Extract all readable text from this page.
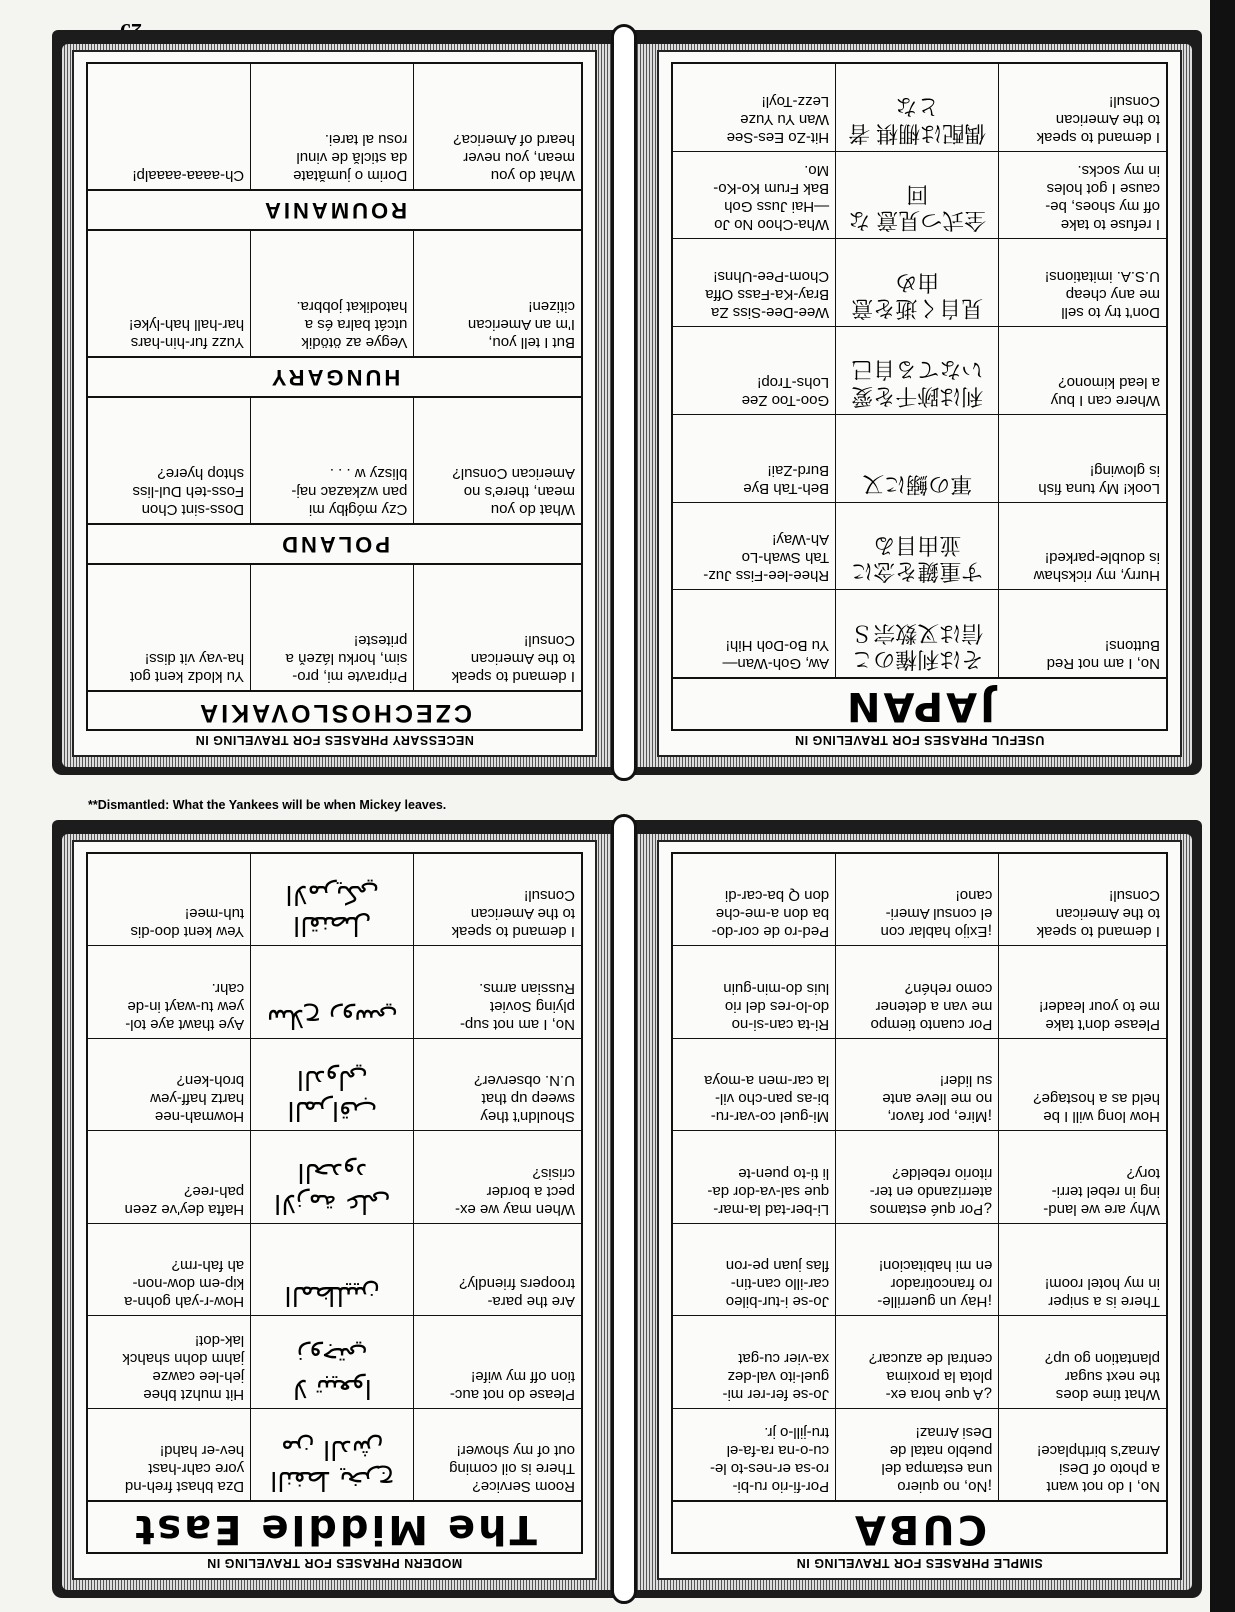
USEFUL PHRASES FOR TRAVELING IN
JAPAN
No, I am not Red
Buttons!
そは利権のこ信は叉数宗Ｓ
Aw, Goh-Wan—
Yu Bo-Doh Hih!
Hurry, my rickshaw
is double-parked!
す重鍵を念に並由目ゐ
Rhee-lee-Fiss Juz-
Tah Swah-Lo
Ah-Way!
Look! My tuna fish
is glowing!
軍の鰯に又
Beh-Tah Bye
Burd-Zai!
Where can I buy
a lead kimono?
利は跡千を愛 いなてる自己
Goo-Too Zee
Lohs-Trop!
Don't try to sell
me any cheap
U.S.A. imitations!
見自く逝を意 由め
Wee-Dee-Siss Za
Bray-Ka-Fass Offa
Chom-Pee-Uhns!
I refuse to take
off my shoes, be-
cause I got holes
in my socks.
全式つ見意 な回
Wha-Choo No Jo
—Hai Juss Goh
Bak Frum Ko-Ko-
Mo.
I demand to speak
to the American
Consul!
偶配は棚棋 者とな
Hit-Zo Ees-See
Wan Yu Yuze
Lezz-Toyl!
NECESSARY PHRASES FOR TRAVELING IN
CZECHOSLOVAKIA
I demand to speak
to the American
Consul!
Pripravte mi, pro-
sim, horku lázeň a
priteste!
Yu klodz kent got
ha-vay vit diss!
POLAND
What do you
mean, there's no
American Consul?
Czy mógłby mi
pan wzkazac naj-
bliszy w . . .
Doss-sint Chon
Foss-teh Dul-liss
shtop hyere?
HUNGARY
But I tell you,
I'm an American
citizen!
Vegye az ötödik
utcát balra és a
hatodikat jobbra.
Yuzz fur-hin-hars
har-hall hah-lyke!
ROUMANIA
What do you
mean, you never
heard of America?
Dorim o jumătate
da sticlă de vinul
rosu al tarei.
Ch-aaaa-aaaalp!
**Dismantled: What the Yankees will be when Mickey leaves.
SIMPLE PHRASES FOR TRAVELING IN
CUBA
No, I do not want
a photo of Desi
Arnaz's birthplace!
¡No, no quiero
una estampa del
pueblo natal de
Desi Arnaz!
Por-fi-rio ru-bi-
ro-sa er-nes-to le-
cu-o-na ra-fa-el
tru-jill-o jr.
What time does
the next sugar
plantation go up?
¿A que hora ex-
plota la proxima
central de azucar?
Jo-se fer-rer mi-
guel-ito val-dez
xa-vier cu-gat
There is a sniper
in my hotel room!
¡Hay un guerrille-
ro francotirador
en mi habitacion!
Jo-se i-tur-bileo
car-illo can-tin-
flas juan pe-ron
Why are we land-
ing in rebel terri-
tory?
¿Por qué estamos
aterrizando en ter-
ritorio rebelde?
Li-ber-tad la-mar-
que sal-va-dor da-
li ti-to puen-te
How long will I be
held as a hostage?
¡Mire, por favor,
no me lleve ante
su lider!
Mi-guel co-var-ru-
bi-as pan-cho vil-
la car-men a-moya
Please don't take
me to your leader!
Por cuanto tiempo
me van a detener
como rehén?
Ri-ta can-si-no
do-lo-res del rio
luis do-min-guin
I demand to speak
to the American
Consul!
¡Exijo hablar con
el consul Ameri-
cano!
Ped-ro de cor-do-
ba don a-me-che
don Q ba-car-di
MODERN PHRASES FOR TRAVELING IN
The Middle East
Room Service?
There is oil coming
out of my shower!
ﺍﻟﻨﻔﻂ ﻳﺨﺮﺝ ﻣﻦ ﺍﻟﺪﺵ
Dza bhast freh-nd
yore cahr-hast
hev-er hahd!
Please do not auc-
tion off my wife!
ﻻ ﺗﺒﻴﻌﻮﺍ ﺯﻭﺟﺘﻲ
Hit muhzt bhee
jeh-lee cawze
jahm dohn shahck
lak-dot!
Are the para-
troopers friendly?
ﺍﻟﻤﻈﻠﻴﻴﻦ
How-r-yah gohn-a
kip-em dow-non-
ah fah-rm?
When may we ex-
pect a border
crisis?
ﺍﻻﺯﻣﺔ ﻋﻠﻰ ﺍﻟﺤﺪﻭﺩ
Hafta dey've zeen
pah-ree?
Shouldn't they
sweep up that
U.N. observer?
ﺍﻟﻤﺮﺍﻗﺐ ﺍﻟﺪﻭﻟﻲ
Howmah-nee
hartz haff-yew
broh-ken?
No, I am not sup-
plying Soviet
Russian arms.
ﺳﻼﺡ ﺭﻭﺳﻲ
Aye thawt aye tol-
yew tu-wayt in-de
cahr.
I demand to speak
to the American
Consul!
ﺍﻟﻘﻨﺼﻞ ﺍﻻﻣﺮﻳﻜﻲ
Yew kent doo-dis
tuh-mee!
